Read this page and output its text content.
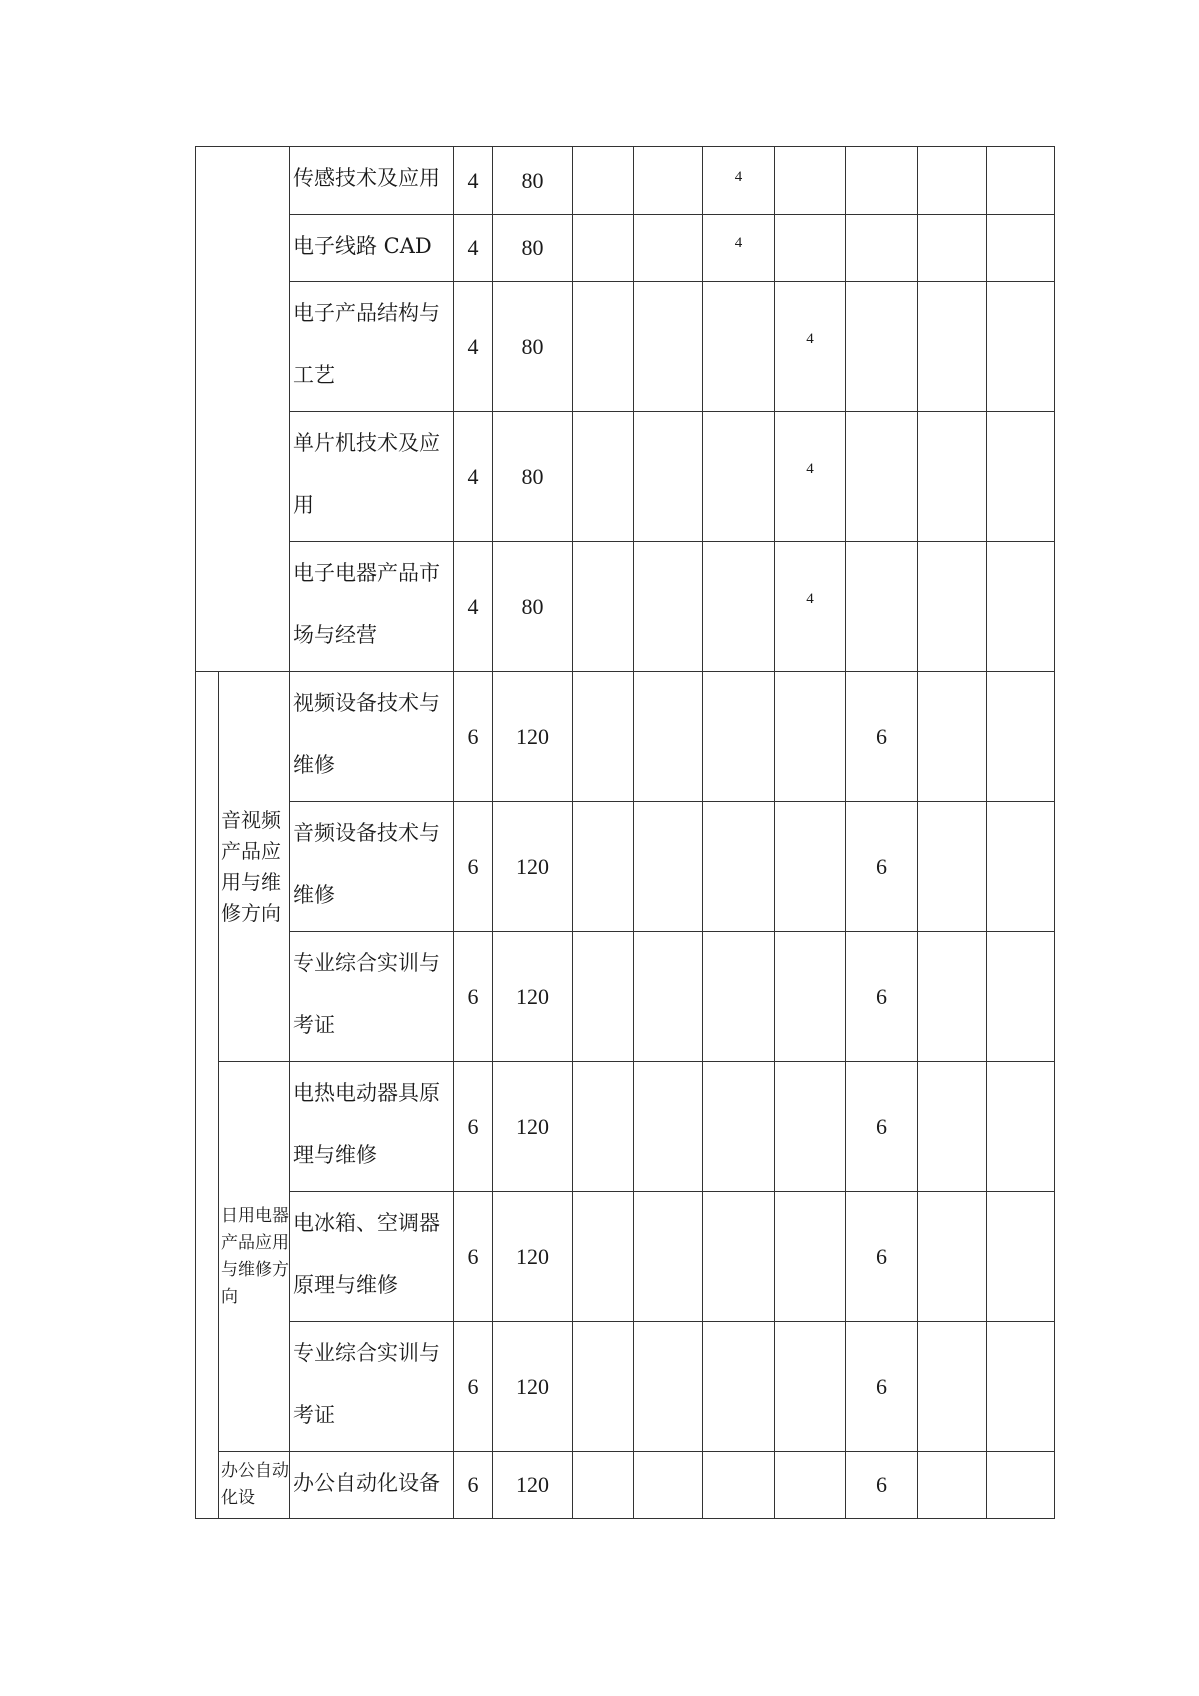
		传感技术及应用	4	80			4				
		电子线路 CAD	4	80			4				
		电子产品结构与工艺	4	80				4			
		单片机技术及应用	4	80				4			
		电子电器产品市场与经营	4	80				4			
	音视频产品应用与维修方向	视频设备技术与维修	6	120					6		
		音频设备技术与维修	6	120					6		
		专业综合实训与考证	6	120					6		
	日用电器产品应用与维修方向	电热电动器具原理与维修	6	120					6		
		电冰箱、空调器原理与维修	6	120					6		
		专业综合实训与考证	6	120					6		
	办公自动化设	办公自动化设备	6	120					6		
